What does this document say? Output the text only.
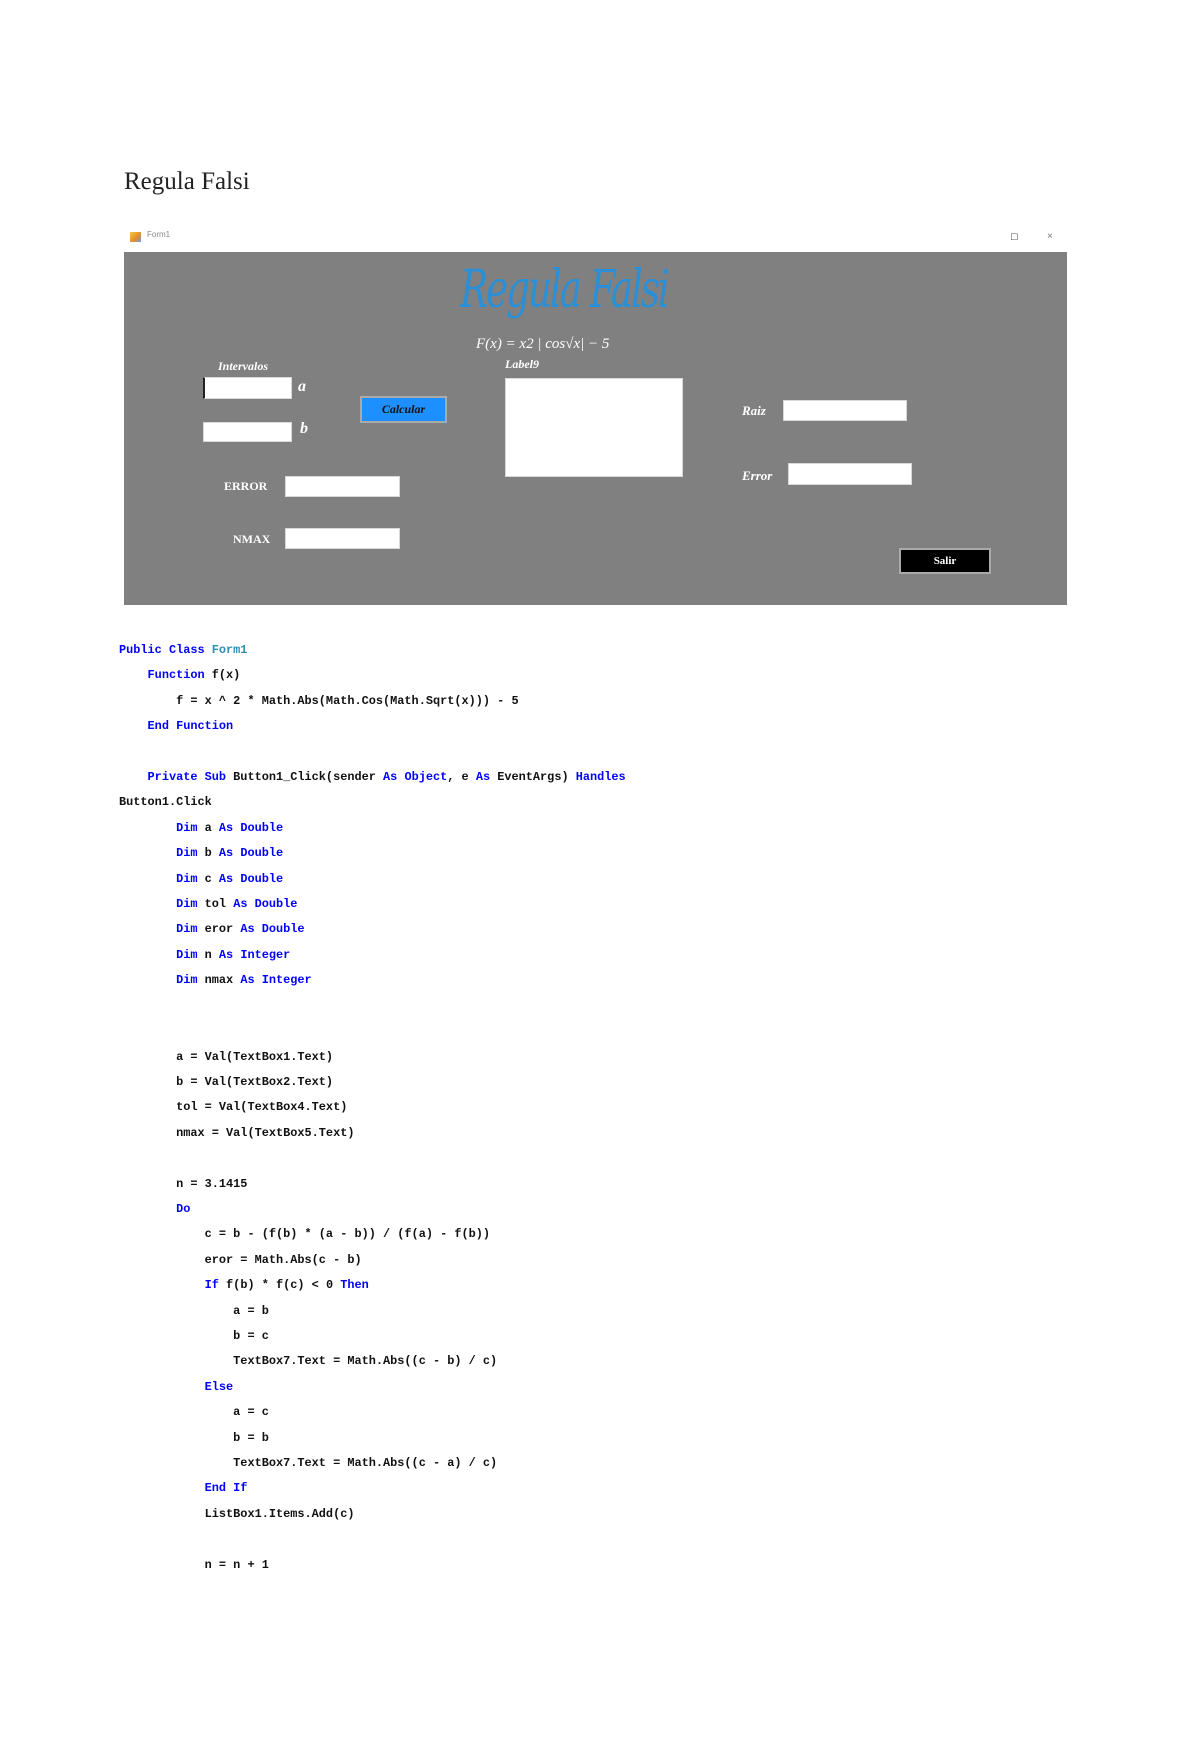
Regula Falsi
Form1	□	×
Regula Falsi
F(x) = x2 | cos√x| − 5
Intervalos
a
b
Calcular
Label9
ERROR
NMAX
Raiz
Error
Salir
Public Class Form1
Function f(x)
f = x ^ 2 * Math.Abs(Math.Cos(Math.Sqrt(x))) - 5
End Function
Private Sub Button1_Click(sender As Object, e As EventArgs) Handles
Button1.Click
Dim a As Double
Dim b As Double
Dim c As Double
Dim tol As Double
Dim eror As Double
Dim n As Integer
Dim nmax As Integer
a = Val(TextBox1.Text)
b = Val(TextBox2.Text)
tol = Val(TextBox4.Text)
nmax = Val(TextBox5.Text)
n = 3.1415
Do
c = b - (f(b) * (a - b)) / (f(a) - f(b))
eror = Math.Abs(c - b)
If f(b) * f(c) < 0 Then
a = b
b = c
TextBox7.Text = Math.Abs((c - b) / c)
Else
a = c
b = b
TextBox7.Text = Math.Abs((c - a) / c)
End If
ListBox1.Items.Add(c)
n = n + 1
